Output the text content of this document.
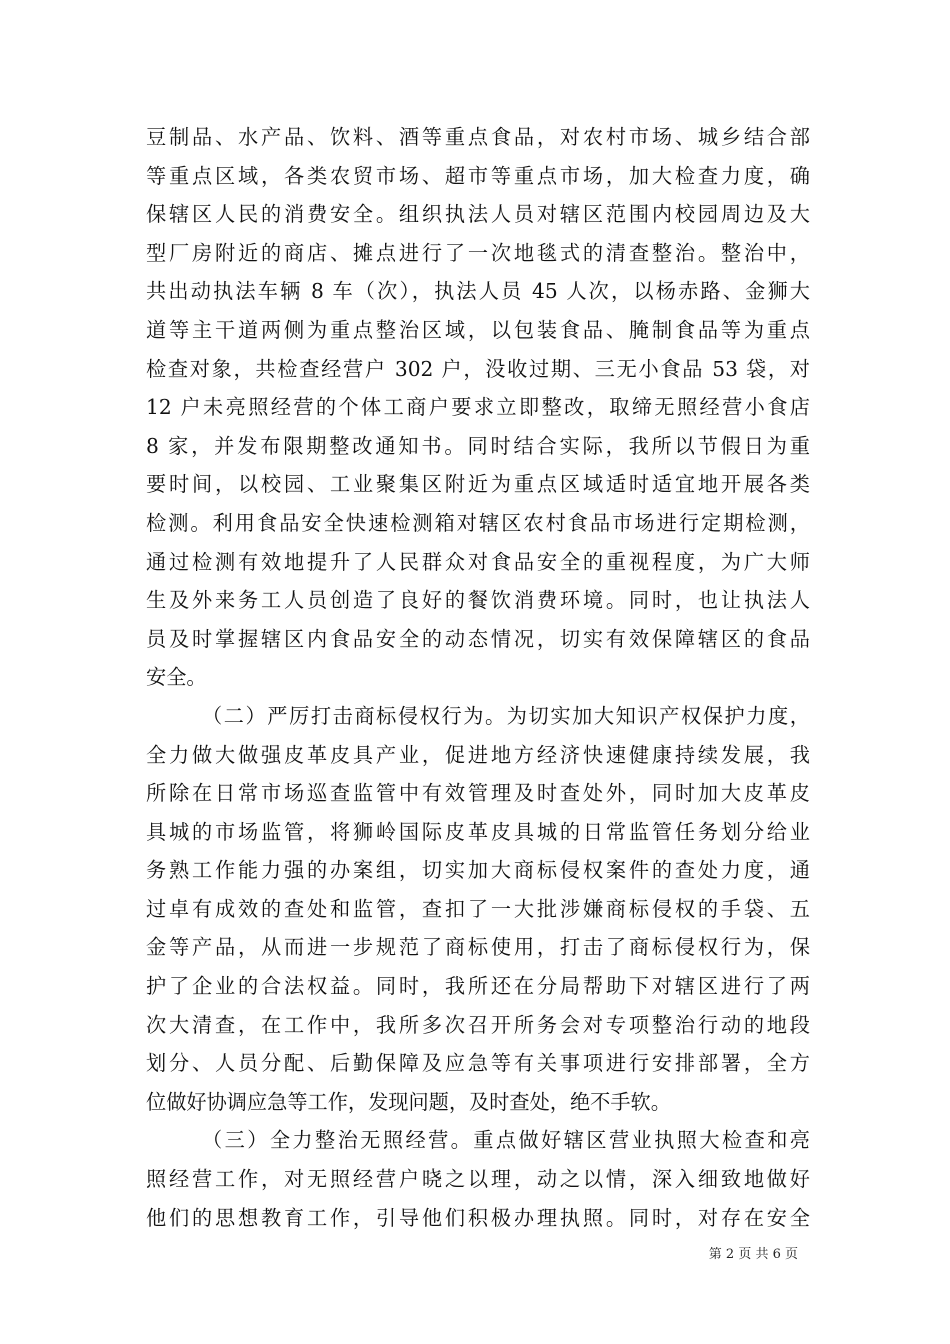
豆制品、水产品、饮料、酒等重点食品，对农村市场、城乡结合部
等重点区域，各类农贸市场、超市等重点市场，加大检查力度，确
保辖区人民的消费安全。组织执法人员对辖区范围内校园周边及大
型厂房附近的商店、摊点进行了一次地毯式的清查整治。整治中，
共出动执法车辆 8 车（次），执法人员 45 人次，以杨赤路、金狮大
道等主干道两侧为重点整治区域，以包装食品、腌制食品等为重点
检查对象，共检查经营户 302 户，没收过期、三无小食品 53 袋，对
12 户未亮照经营的个体工商户要求立即整改，取缔无照经营小食店
8 家，并发布限期整改通知书。同时结合实际，我所以节假日为重
要时间，以校园、工业聚集区附近为重点区域适时适宜地开展各类
检测。利用食品安全快速检测箱对辖区农村食品市场进行定期检测，
通过检测有效地提升了人民群众对食品安全的重视程度，为广大师
生及外来务工人员创造了良好的餐饮消费环境。同时，也让执法人
员及时掌握辖区内食品安全的动态情况，切实有效保障辖区的食品
安全。
（二）严厉打击商标侵权行为。为切实加大知识产权保护力度，
全力做大做强皮革皮具产业，促进地方经济快速健康持续发展，我
所除在日常市场巡查监管中有效管理及时查处外，同时加大皮革皮
具城的市场监管，将狮岭国际皮革皮具城的日常监管任务划分给业
务熟工作能力强的办案组，切实加大商标侵权案件的查处力度，通
过卓有成效的查处和监管，查扣了一大批涉嫌商标侵权的手袋、五
金等产品，从而进一步规范了商标使用，打击了商标侵权行为，保
护了企业的合法权益。同时，我所还在分局帮助下对辖区进行了两
次大清查，在工作中，我所多次召开所务会对专项整治行动的地段
划分、人员分配、后勤保障及应急等有关事项进行安排部署，全方
位做好协调应急等工作，发现问题，及时查处，绝不手软。
（三）全力整治无照经营。重点做好辖区营业执照大检查和亮
照经营工作，对无照经营户晓之以理，动之以情，深入细致地做好
他们的思想教育工作，引导他们积极办理执照。同时，对存在安全
第 2 页 共 6 页
